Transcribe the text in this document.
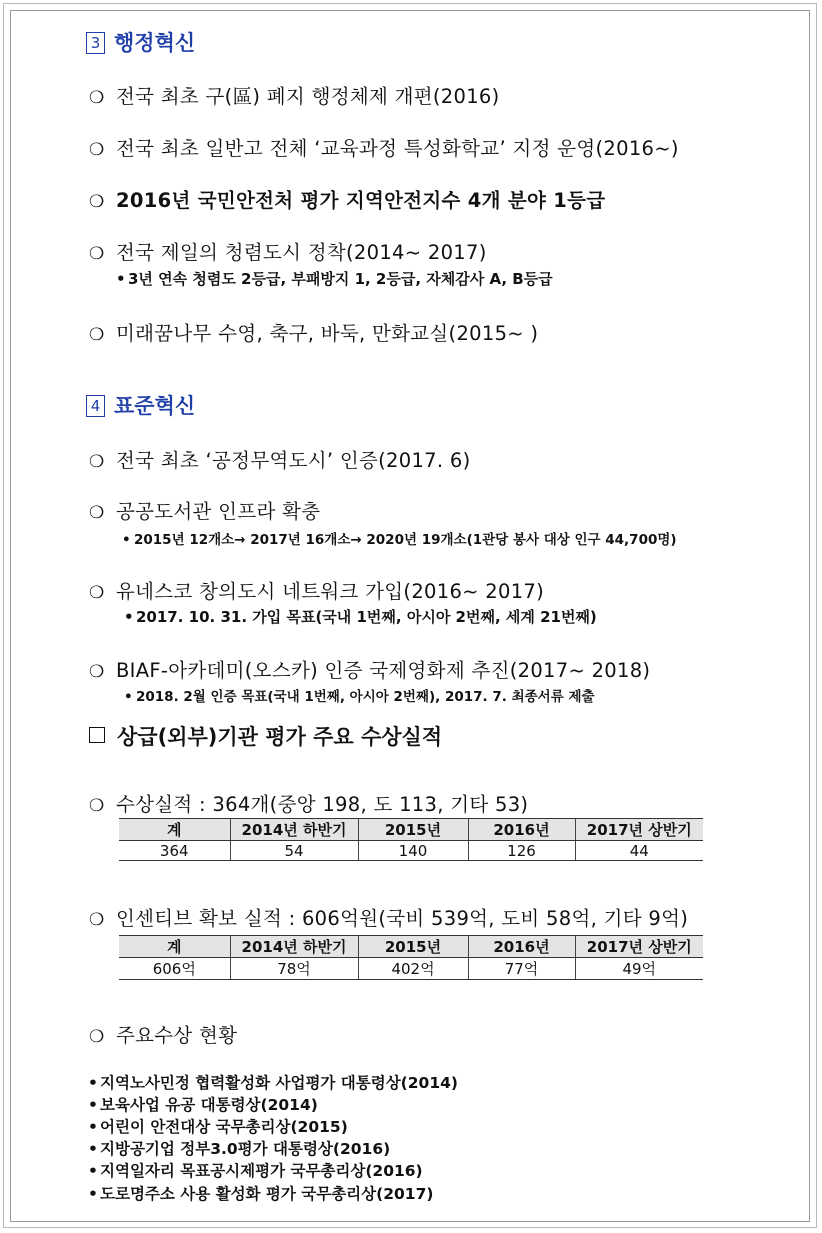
3 행정혁신
❍ 전국 최초 구(區) 폐지 행정체제 개편(2016)
❍ 전국 최초 일반고 전체 ‘교육과정 특성화학교’ 지정 운영(2016~)
❍ 2016년 국민안전처 평가 지역안전지수 4개 분야 1등급
❍ 전국 제일의 청렴도시 정착(2014~ 2017)
• 3년 연속 청렴도 2등급, 부패방지 1, 2등급, 자체감사 A, B등급
❍ 미래꿈나무 수영, 축구, 바둑, 만화교실(2015~ )
4 표준혁신
❍ 전국 최초 ‘공정무역도시’ 인증(2017. 6)
❍ 공공도서관 인프라 확충
• 2015년 12개소→ 2017년 16개소→ 2020년 19개소(1관당 봉사 대상 인구 44,700명)
❍ 유네스코 창의도시 네트워크 가입(2016~ 2017)
• 2017. 10. 31. 가입 목표(국내 1번째, 아시아 2번째, 세계 21번째)
❍ BIAF-아카데미(오스카) 인증 국제영화제 추진(2017~ 2018)
• 2018. 2월 인증 목표(국내 1번째, 아시아 2번째), 2017. 7. 최종서류 제출
상급(외부)기관 평가 주요 수상실적
❍ 수상실적 : 364개(중앙 198, 도 113, 기타 53)
계	2014년 하반기	2015년	2016년	2017년 상반기
364	54	140	126	44
❍ 인센티브 확보 실적 : 606억원(국비 539억, 도비 58억, 기타 9억)
계	2014년 하반기	2015년	2016년	2017년 상반기
606억	78억	402억	77억	49억
❍ 주요수상 현황
• 지역노사민정 협력활성화 사업평가 대통령상(2014)
• 보육사업 유공 대통령상(2014)
• 어린이 안전대상 국무총리상(2015)
• 지방공기업 정부3.0평가 대통령상(2016)
• 지역일자리 목표공시제평가 국무총리상(2016)
• 도로명주소 사용 활성화 평가 국무총리상(2017)
